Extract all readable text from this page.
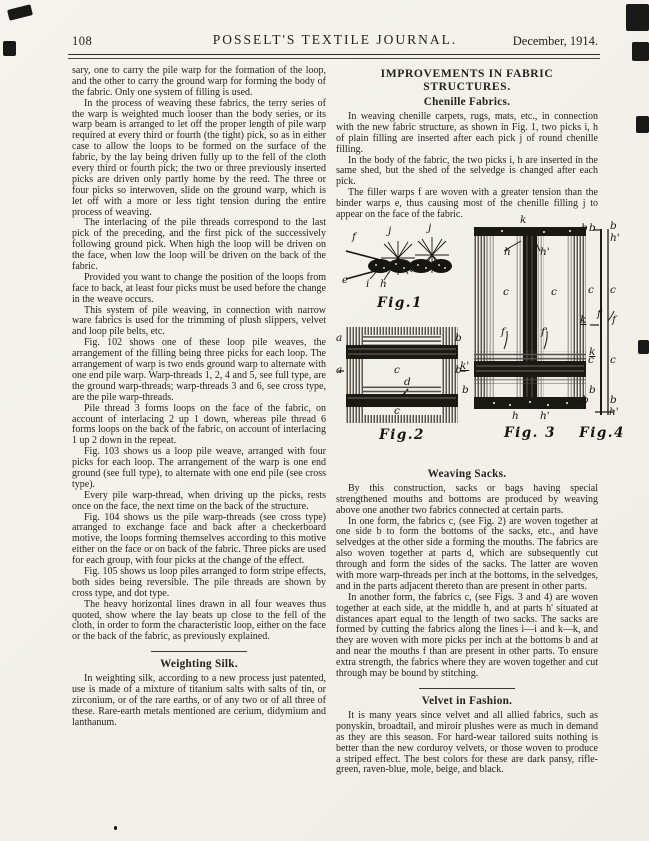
108	POSSELT'S TEXTILE JOURNAL.	December, 1914.

sary, one to carry the pile warp for the formation of the loop, and the other to carry the ground warp for forming the body of the fabric. Only one system of filling is used.

In the process of weaving these fabrics, the terry series of the warp is weighted much looser than the body series, or its warp beam is arranged to let off the proper length of pile warp required at every third or fourth (the tight) pick, so as in either case to allow the loops to be formed on the surface of the fabric, by the lay being driven fully up to the fell of the cloth every third or fourth pick; the two or three previously inserted picks are driven only partly home by the reed. The three or four picks so interwoven, slide on the ground warp, which is let off with a more or less tight tension during the entire process of weaving.

The interlacing of the pile threads correspond to the last pick of the preceding, and the first pick of the successively following ground pick. When high the loop will be driven on the face, when low the loop will be driven on the back of the fabric.

Provided you want to change the position of the loops from face to back, at least four picks must be used before the change in the weave occurs.

This system of pile weaving, in connection with narrow ware fabrics is used for the trimming of plush slippers, velvet and loop pile belts, etc.

Fig. 102 shows one of these loop pile weaves, the arrangement of the filling being three picks for each loop. The arrangement of warp is two ends ground warp to alternate with one end pile warp. Warp-threads 1, 2, 4 and 5, see full type, are the ground warp-threads; warp-threads 3 and 6, see cross type, are the pile warp-threads.

Pile thread 3 forms loops on the face of the fabric, on account of interlacing 2 up 1 down, whereas pile thread 6 forms loops on the back of the fabric, on account of interlacing 1 up 2 down in the repeat.

Fig. 103 shows us a loop pile weave, arranged with four picks for each loop. The arrangement of the warp is one end ground (see full type), to alternate with one end pile (see cross type).

Every pile warp-thread, when driving up the picks, rests once on the face, the next time on the back of the structure.

Fig. 104 shows us the pile warp-threads (see cross type) arranged to exchange face and back after a checkerboard motive, the loops forming themselves according to this motive either on the face or on back of the fabric. Three picks are used for each group, with four picks at the change of the effect.

Fig. 105 shows us loop piles arranged to form stripe effects, both sides being reversible. The pile threads are shown by cross type, and dot type.

The heavy horizontal lines drawn in all four weaves thus quoted, show where the lay beats up close to the fell of the cloth, in order to form the characteristic loop, either on the face or the back of the fabric, as previously explained.

Weighting Silk.

In weighting silk, according to a new process just patented, use is made of a mixture of titanium salts with salts of tin, or zirconium, or of the rare earths, or of any two or of all three of these. Rare-earth metals mentioned are cerium, didymium and lanthanum.

IMPROVEMENTS IN FABRIC STRUCTURES.
Chenille Fabrics.

In weaving chenille carpets, rugs, mats, etc., in connection with the new fabric structure, as shown in Fig. 1, two picks i, h of plain filling are inserted after each pick j of round chenille filling.

In the body of the fabric, the two picks i, h are inserted in the same shed, but the shed of the selvedge is changed after each pick.

The filler warps f are woven with a greater tension than the binder warps e, thus causing most of the chenille filling j to appear on the face of the fabric.

f	j	j
e i h
Fig.1
a	b
a	b
c
d
c
Fig.2
k
b
h	h'
c	c
f	f'
k'
k
b	b
h h'
Fig. 3
b b
h'
c c
k f f
c c
b b
h'
Fig.4
Weaving Sacks.

By this construction, sacks or bags having special strengthened mouths and bottoms are produced by weaving above one another two fabrics connected at certain parts.

In one form, the fabrics c, (see Fig. 2) are woven together at one side b to form the bottoms of the sacks, etc., and have selvedges at the other side a forming the mouths. The fabrics are also woven together at parts d, which are subsequently cut through and form the sides of the sacks. The latter are woven with more warp-threads per inch at the bottoms, in the selvedges, and in the parts adjacent thereto than are present in other parts.

In another form, the fabrics c, (see Figs. 3 and 4) are woven together at each side, at the middle h, and at parts h' situated at distances apart equal to the length of two sacks. The sacks are formed by cutting the fabrics along the lines i—i and k—k, and they are woven with more picks per inch at the bottoms b and at and near the mouths f than are present in other parts. To ensure extra strength, the fabrics where they are woven together and cut through may be bound by stitching.

Velvet in Fashion.

It is many years since velvet and all allied fabrics, such as ponyskin, broadtail, and miroir plushes were as much in demand as they are this season. For hard-wear tailored suits nothing is better than the new corduroy velvets, or those woven to produce a striped effect. The best colors for these are dark pansy, rifle-green, raven-blue, mole, beige, and black.
